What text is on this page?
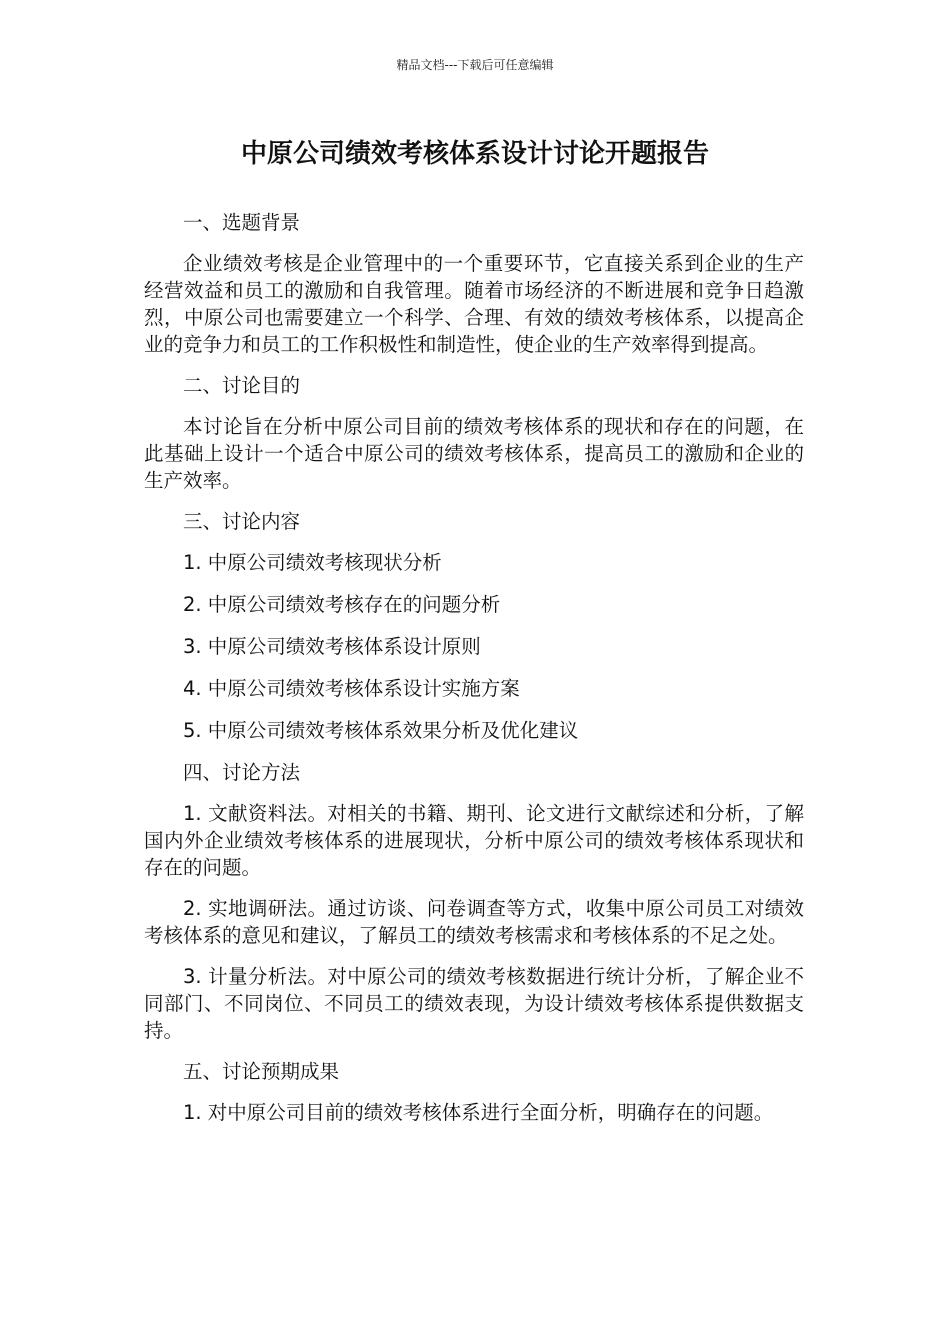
精品文档---下载后可任意编辑
中原公司绩效考核体系设计讨论开题报告

一、选题背景

企业绩效考核是企业管理中的一个重要环节，它直接关系到企业的生产经营效益和员工的激励和自我管理。随着市场经济的不断进展和竞争日趋激烈，中原公司也需要建立一个科学、合理、有效的绩效考核体系，以提高企业的竞争力和员工的工作积极性和制造性，使企业的生产效率得到提高。

二、讨论目的

本讨论旨在分析中原公司目前的绩效考核体系的现状和存在的问题，在此基础上设计一个适合中原公司的绩效考核体系，提高员工的激励和企业的生产效率。

三、讨论内容

1. 中原公司绩效考核现状分析

2. 中原公司绩效考核存在的问题分析

3. 中原公司绩效考核体系设计原则

4. 中原公司绩效考核体系设计实施方案

5. 中原公司绩效考核体系效果分析及优化建议

四、讨论方法

1. 文献资料法。对相关的书籍、期刊、论文进行文献综述和分析，了解国内外企业绩效考核体系的进展现状，分析中原公司的绩效考核体系现状和存在的问题。

2. 实地调研法。通过访谈、问卷调查等方式，收集中原公司员工对绩效考核体系的意见和建议，了解员工的绩效考核需求和考核体系的不足之处。

3. 计量分析法。对中原公司的绩效考核数据进行统计分析，了解企业不同部门、不同岗位、不同员工的绩效表现，为设计绩效考核体系提供数据支持。

五、讨论预期成果

1. 对中原公司目前的绩效考核体系进行全面分析，明确存在的问题。
